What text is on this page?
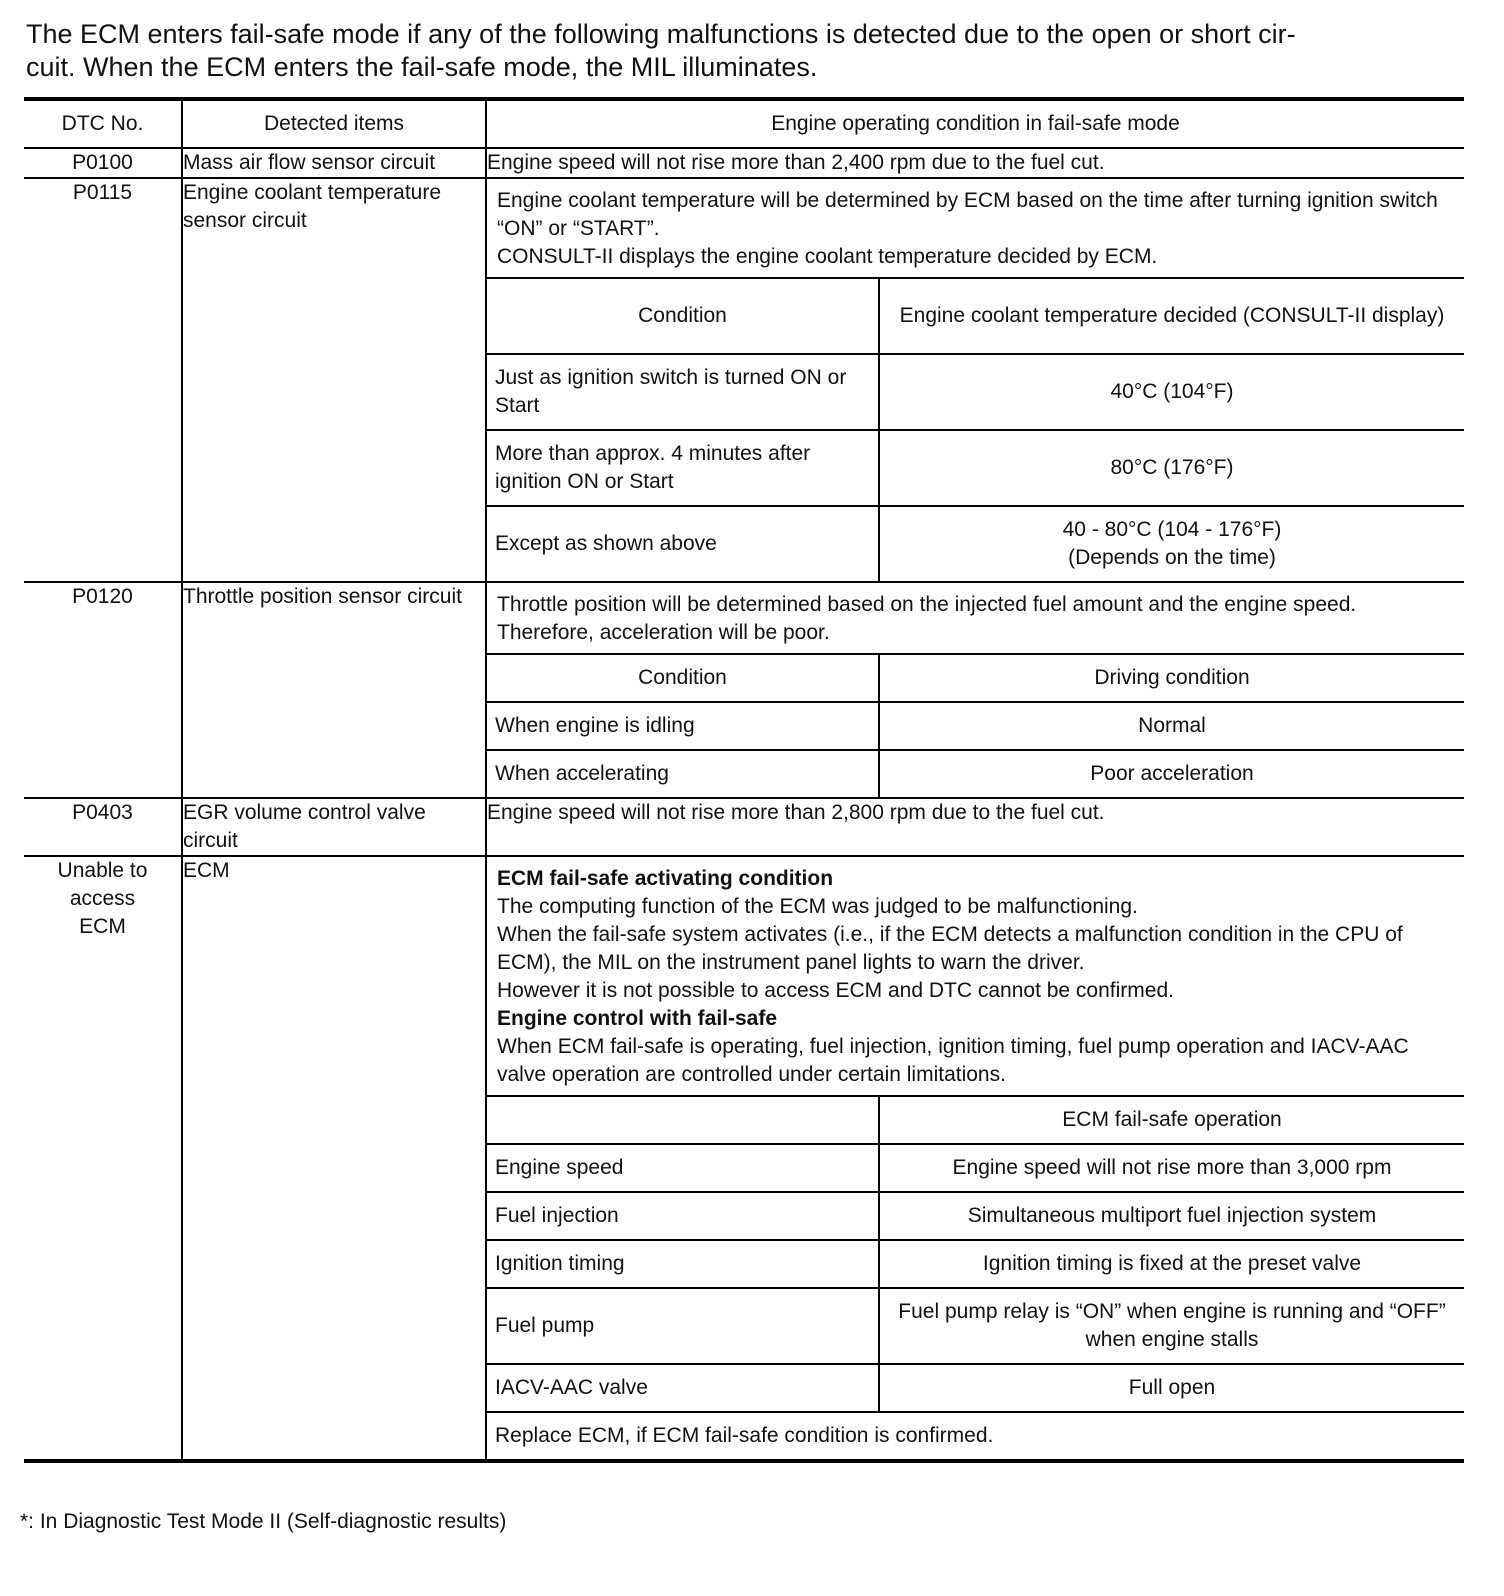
The ECM enters fail-safe mode if any of the following malfunctions is detected due to the open or short cir-
cuit. When the ECM enters the fail-safe mode, the MIL illuminates.

DTC No.	Detected items	Engine operating condition in fail-safe mode
P0100	Mass air flow sensor circuit	Engine speed will not rise more than 2,400 rpm due to the fuel cut.
P0115	Engine coolant temperature sensor circuit	
Engine coolant temperature will be determined by ECM based on the time after turning ignition switch “ON” or “START”.
CONSULT-II displays the engine coolant temperature decided by ECM.
Condition	Engine coolant temperature decided (CONSULT-II display)
Just as ignition switch is turned ON or Start	40°C (104°F)
More than approx. 4 minutes after ignition ON or Start	80°C (176°F)
Except as shown above	40 - 80°C (104 - 176°F)
(Depends on the time)

P0120	Throttle position sensor circuit	Throttle position will be determined based on the injected fuel amount and the engine speed. Therefore, acceleration will be poor.
Condition	Driving condition
When engine is idling	Normal
When accelerating	Poor acceleration

P0403	EGR volume control valve circuit	Engine speed will not rise more than 2,800 rpm due to the fuel cut.
Unable to access ECM	ECM	ECM fail-safe activating condition
The computing function of the ECM was judged to be malfunctioning.
When the fail-safe system activates (i.e., if the ECM detects a malfunction condition in the CPU of ECM), the MIL on the instrument panel lights to warn the driver.
However it is not possible to access ECM and DTC cannot be confirmed.
Engine control with fail-safe
When ECM fail-safe is operating, fuel injection, ignition timing, fuel pump operation and IACV-AAC valve operation are controlled under certain limitations.
	ECM fail-safe operation
Engine speed	Engine speed will not rise more than 3,000 rpm
Fuel injection	Simultaneous multiport fuel injection system
Ignition timing	Ignition timing is fixed at the preset valve
Fuel pump	Fuel pump relay is “ON” when engine is running and “OFF” when engine stalls
IACV-AAC valve	Full open
Replace ECM, if ECM fail-safe condition is confirmed.

*: In Diagnostic Test Mode II (Self-diagnostic results)
